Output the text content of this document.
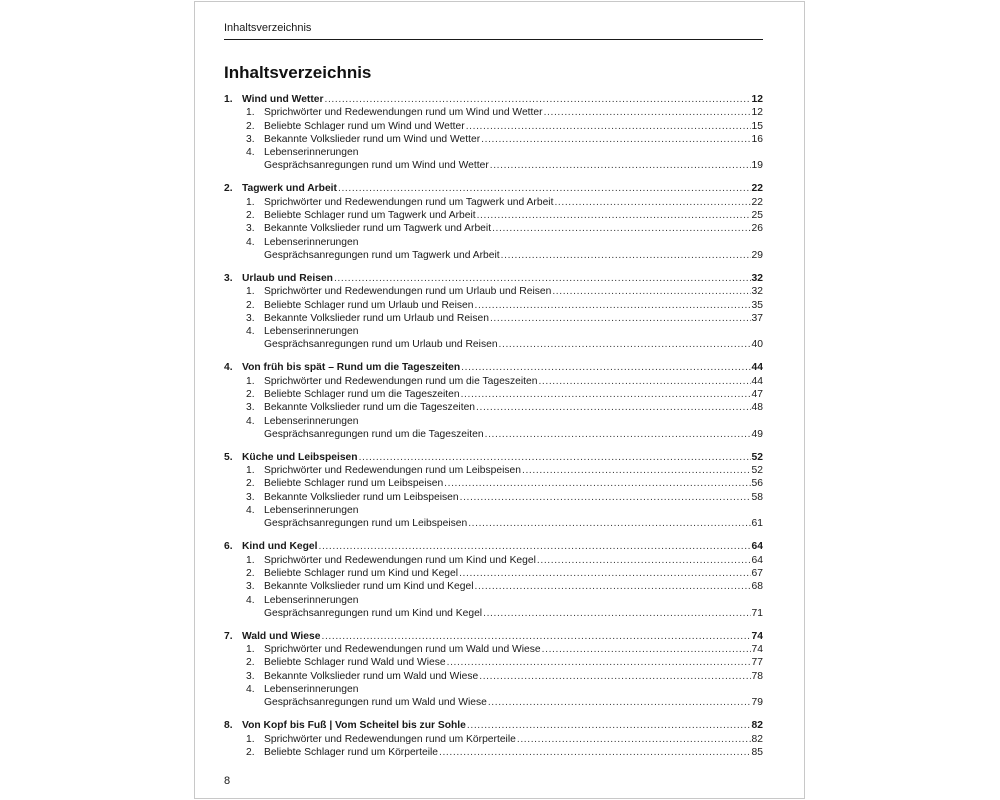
Inhaltsverzeichnis
Inhaltsverzeichnis
1. Wind und Wetter .....	12
1. Sprichwörter und Redewendungen rund um Wind und Wetter .....	12
2. Beliebte Schlager rund um Wind und Wetter .....	15
3. Bekannte Volkslieder rund um Wind und Wetter .....	16
4. Lebenserinnerungen
Gesprächsanregungen rund um Wind und Wetter .....	19
2. Tagwerk und Arbeit .....	22
1. Sprichwörter und Redewendungen rund um Tagwerk und Arbeit .....	22
2. Beliebte Schlager rund um Tagwerk und Arbeit .....	25
3. Bekannte Volkslieder rund um Tagwerk und Arbeit .....	26
4. Lebenserinnerungen
Gesprächsanregungen rund um Tagwerk und Arbeit .....	29
3. Urlaub und Reisen .....	32
1. Sprichwörter und Redewendungen rund um Urlaub und Reisen .....	32
2. Beliebte Schlager rund um Urlaub und Reisen .....	35
3. Bekannte Volkslieder rund um Urlaub und Reisen .....	37
4. Lebenserinnerungen
Gesprächsanregungen rund um Urlaub und Reisen .....	40
4. Von früh bis spät – Rund um die Tageszeiten .....	44
1. Sprichwörter und Redewendungen rund um die Tageszeiten .....	44
2. Beliebte Schlager rund um die Tageszeiten .....	47
3. Bekannte Volkslieder rund um die Tageszeiten .....	48
4. Lebenserinnerungen
Gesprächsanregungen rund um die Tageszeiten .....	49
5. Küche und Leibspeisen .....	52
1. Sprichwörter und Redewendungen rund um Leibspeisen .....	52
2. Beliebte Schlager rund um Leibspeisen .....	56
3. Bekannte Volkslieder rund um Leibspeisen .....	58
4. Lebenserinnerungen
Gesprächsanregungen rund um Leibspeisen .....	61
6. Kind und Kegel .....	64
1. Sprichwörter und Redewendungen rund um Kind und Kegel .....	64
2. Beliebte Schlager rund um Kind und Kegel .....	67
3. Bekannte Volkslieder rund um Kind und Kegel .....	68
4. Lebenserinnerungen
Gesprächsanregungen rund um Kind und Kegel .....	71
7. Wald und Wiese .....	74
1. Sprichwörter und Redewendungen rund um Wald und Wiese .....	74
2. Beliebte Schlager rund Wald und Wiese .....	77
3. Bekannte Volkslieder rund um Wald und Wiese .....	78
4. Lebenserinnerungen
Gesprächsanregungen rund um Wald und Wiese .....	79
8. Von Kopf bis Fuß | Vom Scheitel bis zur Sohle .....	82
1. Sprichwörter und Redewendungen rund um Körperteile .....	82
2. Beliebte Schlager rund um Körperteile .....	85
8
